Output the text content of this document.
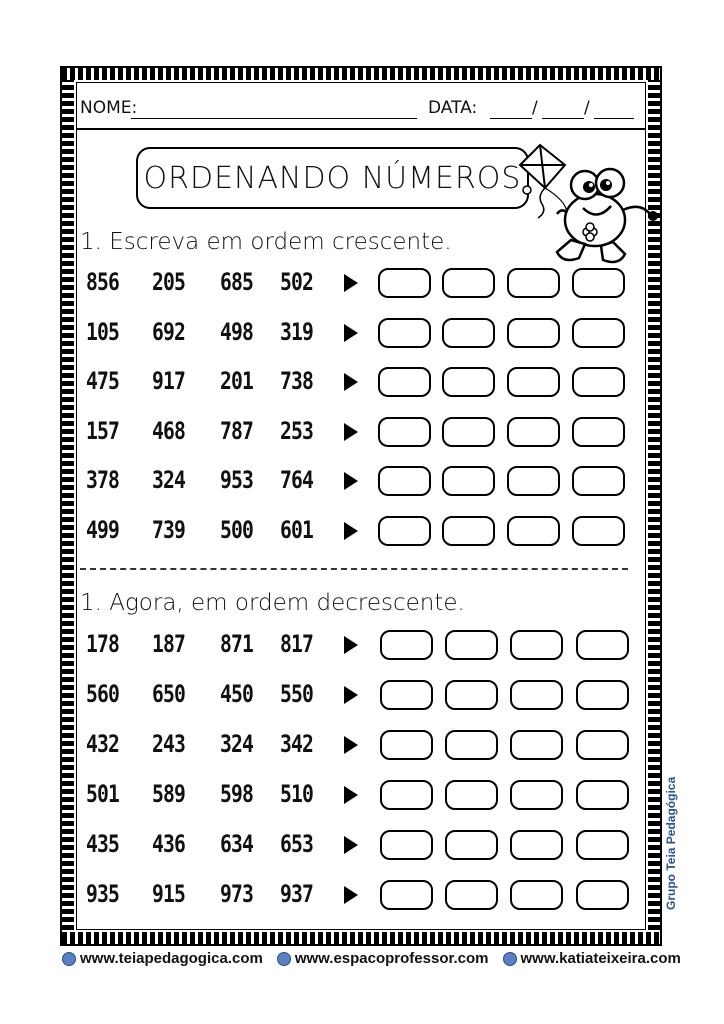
NOME:	DATA:	/	/
ORDENANDO NÚMEROS
1. Escreva em ordem crescente.
856 205 685 502
105 692 498 319
475 917 201 738
157 468 787 253
378 324 953 764
499 739 500 601
1. Agora, em ordem decrescente.
178 187 871 817
560 650 450 550
432 243 324 342
501 589 598 510
435 436 634 653
935 915 973 937
www.teiapedagogica.com www.espacoprofessor.com www.katiateixeira.com
Grupo Teia Pedagógica
